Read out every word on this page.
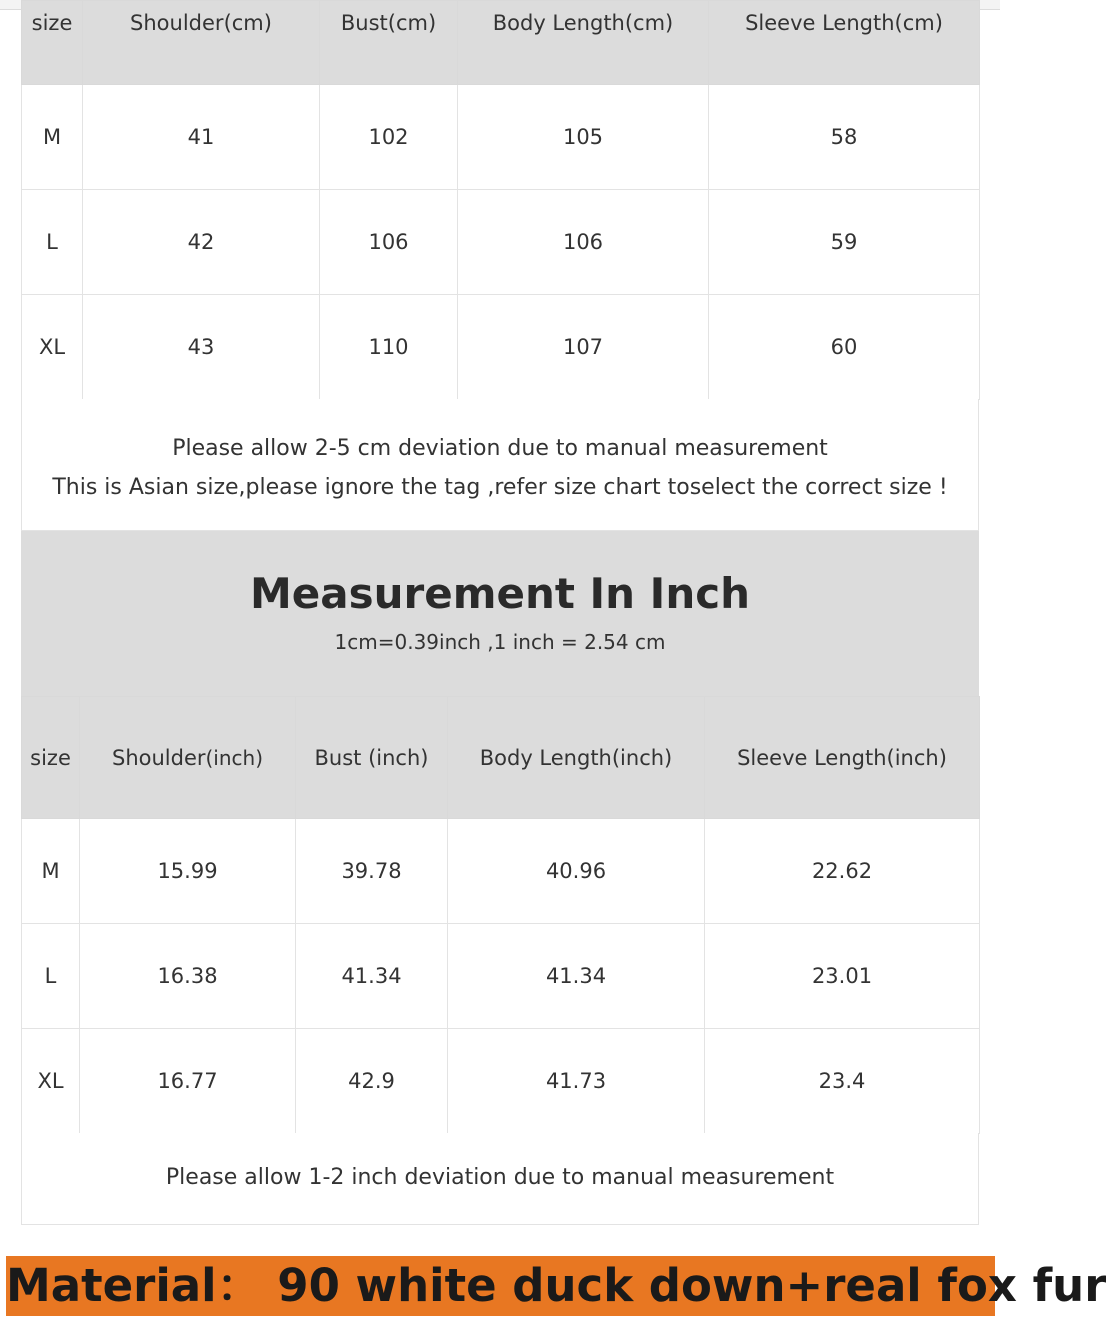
size	Shoulder(cm)	Bust(cm)	Body Length(cm)	Sleeve Length(cm)
M	41	102	105	58
L	42	106	106	59
XL	43	110	107	60
Please allow 2-5 cm deviation due to manual measurement
This is Asian size,please ignore the tag ,refer size chart toselect the correct size !
Measurement In Inch
1cm=0.39inch ,1 inch = 2.54 cm
size	Shoulder(inch)	Bust (inch)	Body Length(inch)	Sleeve Length(inch)
M	15.99	39.78	40.96	22.62
L	16.38	41.34	41.34	23.01
XL	16.77	42.9	41.73	23.4
Please allow 1-2 inch deviation due to manual measurement
Material： 90 white duck down+real fox fur
